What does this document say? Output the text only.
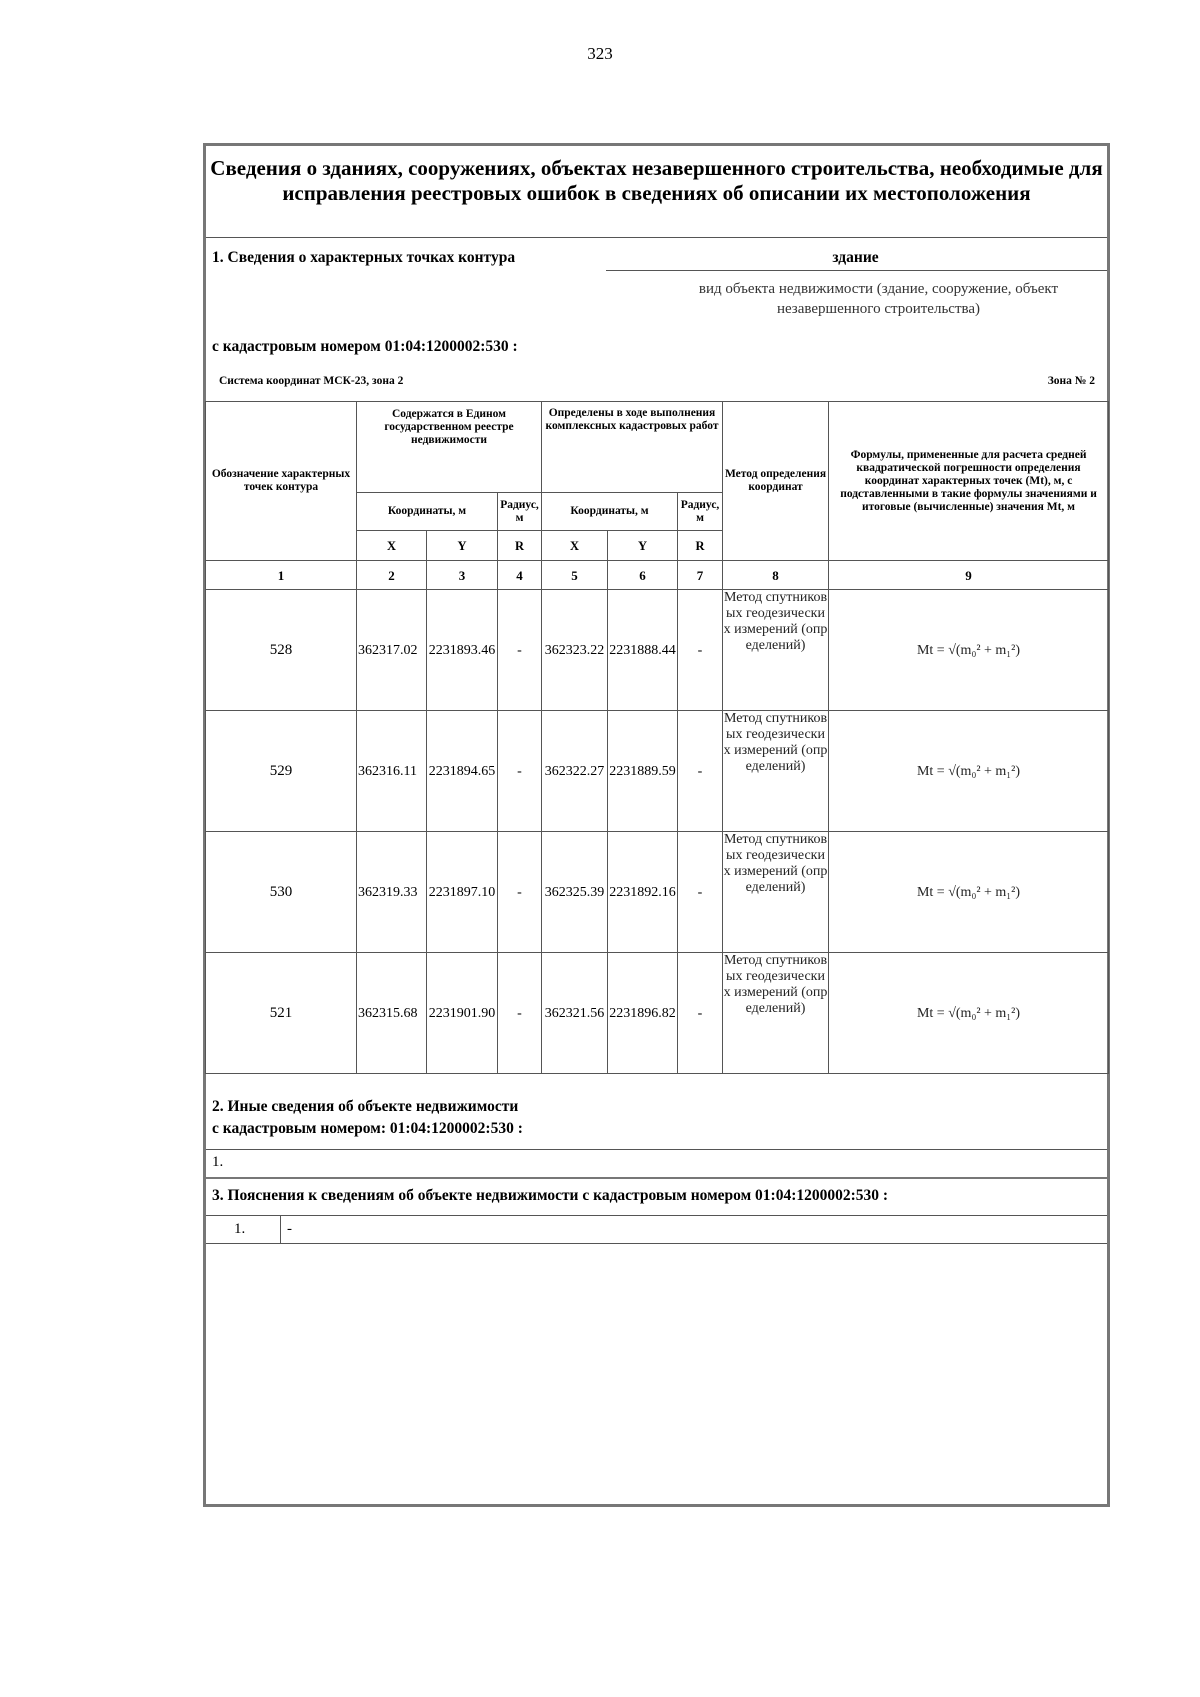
323
Сведения о зданиях, сооружениях, объектах незавершенного строительства, необходимые для исправления реестровых ошибок в сведениях об описании их местоположения
1. Сведения о характерных точках контура	здание
вид объекта недвижимости (здание, сооружение, объект незавершенного строительства)
с кадастровым номером 01:04:1200002:530 :
Система координат МСК-23, зона 2	Зона № 2
Обозначение характерных точек контура	Содержатся в Едином государственном реестре недвижимости			Определены в ходе выполнения комплексных кадастровых работ			Метод определения координат	Формулы, примененные для расчета средней квадратической погрешности определения координат характерных точек (Mt), м, с подставленными в такие формулы значениями и итоговые (вычисленные) значения Mt, м
	Координаты, м		Радиус, м	Координаты, м		Радиус, м		
	X	Y	R	X	Y	R		
1	2	3	4	5	6	7	8	9
528	362317.02	2231893.46	-	362323.22	2231888.44	-	Метод спутниковых геодезических измерений (определений)	Mt = √(m₀² + m₁²)
529	362316.11	2231894.65	-	362322.27	2231889.59	-	Метод спутниковых геодезических измерений (определений)	Mt = √(m₀² + m₁²)
530	362319.33	2231897.10	-	362325.39	2231892.16	-	Метод спутниковых геодезических измерений (определений)	Mt = √(m₀² + m₁²)
521	362315.68	2231901.90	-	362321.56	2231896.82	-	Метод спутниковых геодезических измерений (определений)	Mt = √(m₀² + m₁²)
2. Иные сведения об объекте недвижимости
с кадастровым номером: 01:04:1200002:530 :
1.
3. Пояснения к сведениям об объекте недвижимости с кадастровым номером 01:04:1200002:530 :
1.	-
